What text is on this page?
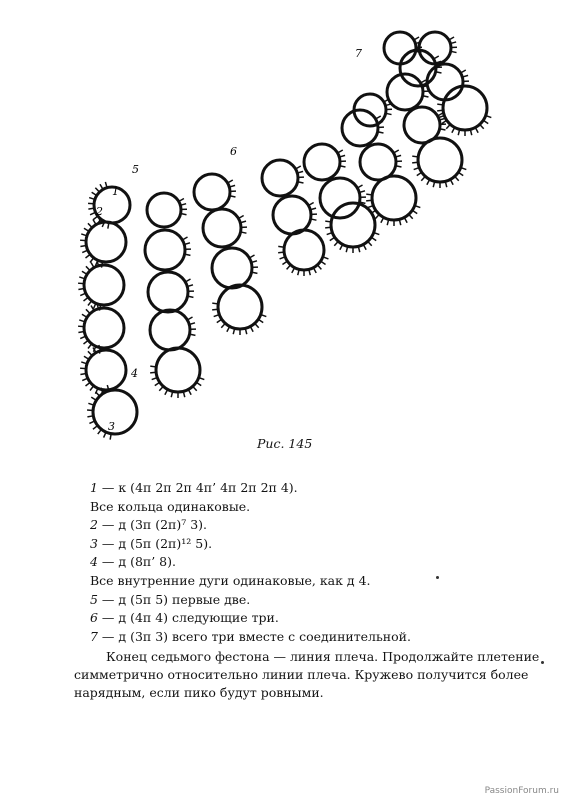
1
2
3
4
5
6
7
Рис. 145
1 — к (4п 2п 2п 4п’ 4п 2п 2п 4).
Все кольца одинаковые.
2 — д (3п (2п)⁷ 3).
3 — д (5п (2п)¹² 5).
4 — д (8п’ 8).
Все внутренние дуги одинаковые, как д 4.
5 — д (5п 5) первые две.
6 — д (4п 4) следующие три.
7 — д (3п 3) всего три вместе с соединительной.
Конец седьмого фестона — линия плеча. Продолжайте плетение
симметрично относительно линии плеча. Кружево получится более
нарядным, если пико будут ровными.
PassionForum.ru
